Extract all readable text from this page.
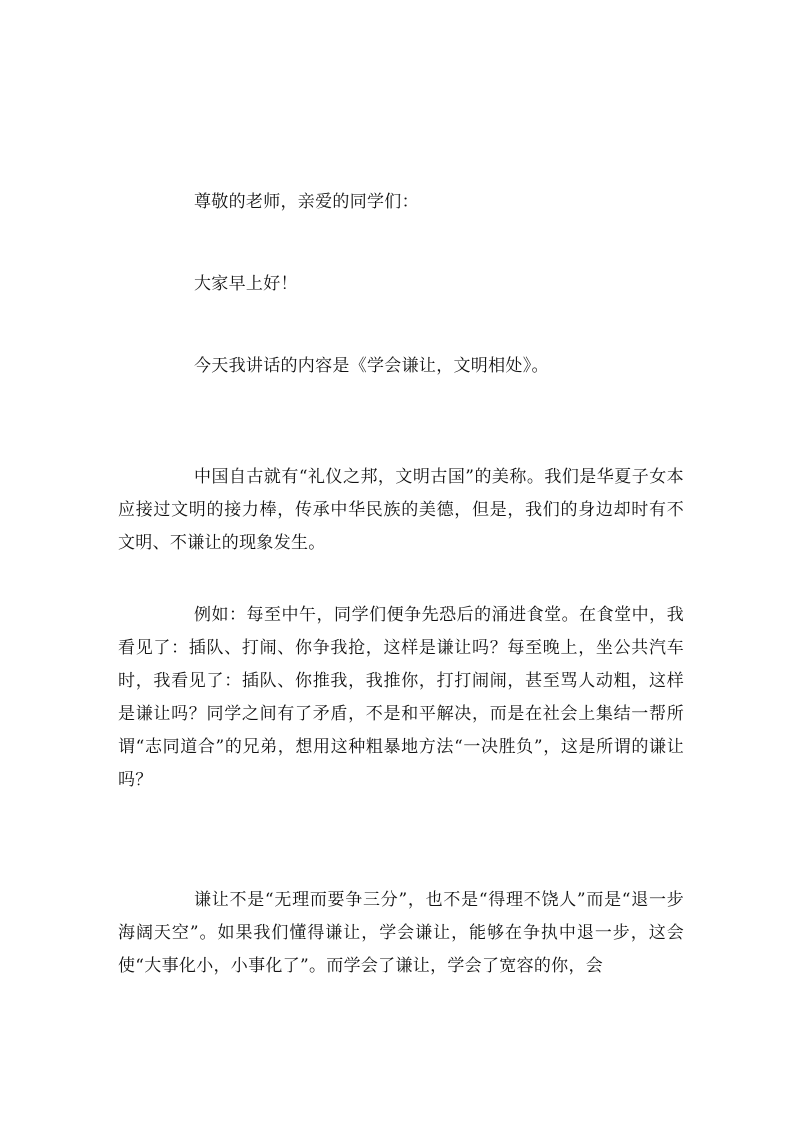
尊敬的老师，亲爱的同学们：

大家早上好！

今天我讲话的内容是《学会谦让，文明相处》。

中国自古就有“礼仪之邦，文明古国”的美称。我们是华夏子女本应接过文明的接力棒，传承中华民族的美德，但是，我们的身边却时有不文明、不谦让的现象发生。

例如：每至中午，同学们便争先恐后的涌进食堂。在食堂中，我看见了：插队、打闹、你争我抢，这样是谦让吗？每至晚上，坐公共汽车时，我看见了：插队、你推我，我推你，打打闹闹，甚至骂人动粗，这样是谦让吗？同学之间有了矛盾，不是和平解决，而是在社会上集结一帮所谓“志同道合”的兄弟，想用这种粗暴地方法“一决胜负”，这是所谓的谦让吗？

谦让不是“无理而要争三分”，也不是“得理不饶人”而是“退一步海阔天空”。如果我们懂得谦让，学会谦让，能够在争执中退一步，这会使“大事化小，小事化了”。而学会了谦让，学会了宽容的你，会
